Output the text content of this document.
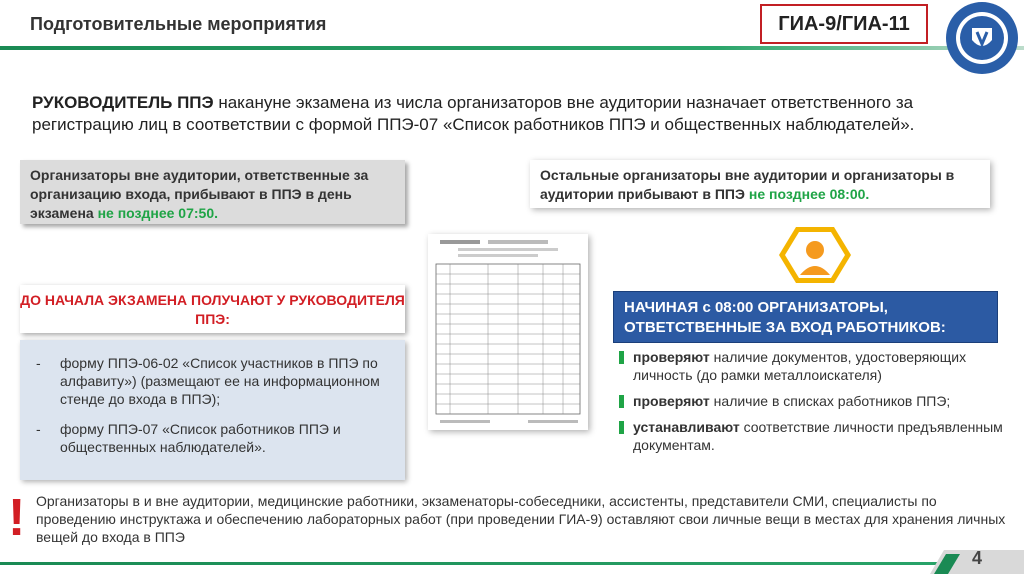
Подготовительные мероприятия	ГИА-9/ГИА-11
РУКОВОДИТЕЛЬ ППЭ накануне экзамена из числа организаторов вне аудитории назначает ответственного за регистрацию лиц в соответствии с формой ППЭ-07 «Список работников ППЭ и общественных наблюдателей».
Организаторы вне аудитории, ответственные за организацию входа, прибывают в ППЭ в день экзамена не позднее 07:50.
Остальные организаторы вне аудитории и организаторы в аудитории прибывают в ППЭ не позднее 08:00.
ДО НАЧАЛА ЭКЗАМЕНА ПОЛУЧАЮТ У РУКОВОДИТЕЛЯ ППЭ:
- форму ППЭ-06-02 «Список участников в ППЭ по алфавиту») (размещают ее на информационном стенде до входа в ППЭ);
- форму ППЭ-07 «Список работников ППЭ и общественных наблюдателей».
НАЧИНАЯ с 08:00 ОРГАНИЗАТОРЫ, ОТВЕТСТВЕННЫЕ ЗА ВХОД РАБОТНИКОВ:
проверяют наличие документов, удостоверяющих личность (до рамки металлоискателя)
проверяют наличие в списках работников ППЭ;
устанавливают соответствие личности предъявленным документам.
! Организаторы в и вне аудитории, медицинские работники, экзаменаторы-собеседники, ассистенты, представители СМИ, специалисты по проведению инструктажа и обеспечению лабораторных работ (при проведении ГИА-9) оставляют свои личные вещи в местах для хранения личных вещей до входа в ППЭ
4
